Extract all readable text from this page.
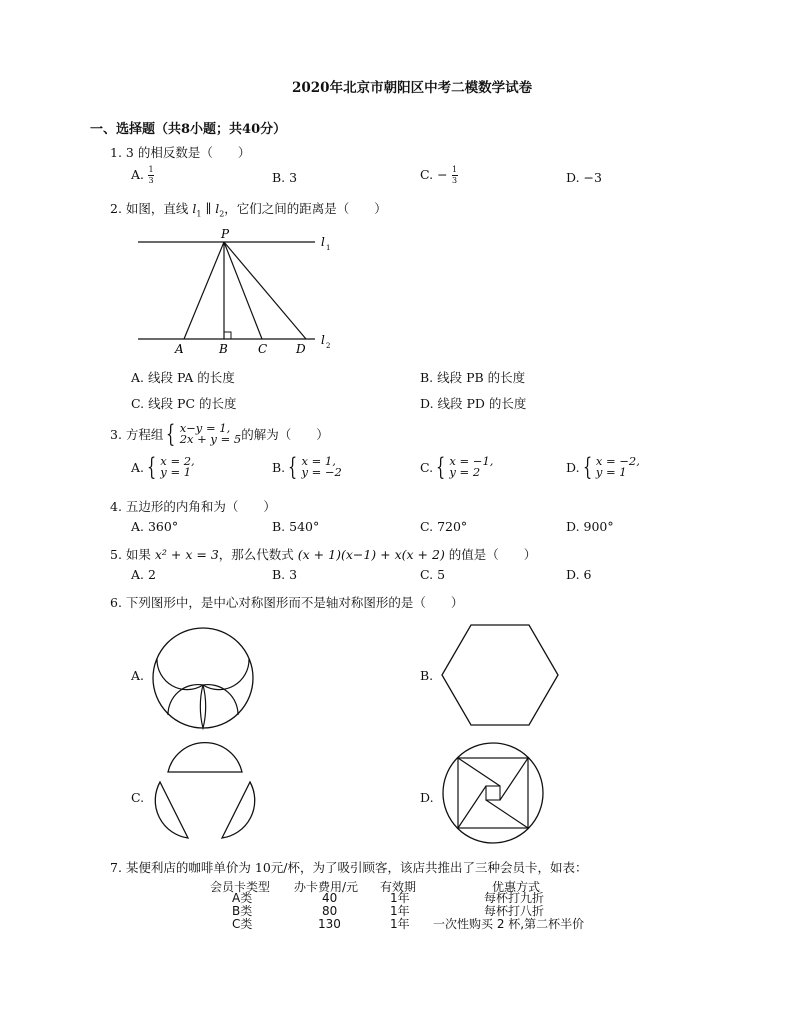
2020年北京市朝阳区中考二模数学试卷
一、选择题（共8小题；共40分）
1. 3 的相反数是（　　）
A. $\frac{1}{3}$	B. 3	C. − $\frac{1}{3}$	D. −3
2. 如图，直线 $l_1$ ∥ $l_2$，它们之间的距离是（　　）
P
A	B	C D
l 1
l 2
A. 线段 PA 的长度	B. 线段 PB 的长度
C. 线段 PC 的长度	D. 线段 PD 的长度
3. 方程组 { x−y = 1,
2x + y = 5 的解为（　　）
A. { x = 2,
y = 1	B. { x = 1,
y = −2	C. { x = −1,
y = 2	D. { x = −2,
y = 1
4. 五边形的内角和为（　　）
A. 360°	B. 540°	C. 720°	D. 900°
5. 如果 x² + x = 3，那么代数式 (x + 1)(x−1) + x(x + 2) 的值是（　　）
A. 2	B. 3	C. 5	D. 6
6. 下列图形中，是中心对称图形而不是轴对称图形的是（　　）
A.	B.
C.	D.
7. 某便利店的咖啡单价为 10元/杯，为了吸引顾客，该店共推出了三种会员卡，如表：
会员卡类型 办卡费用/元 有效期	优惠方式
A类	40	1年	每杯打九折
B类	80	1年	每杯打八折
C类	130	1年 一次性购买 2 杯,第二杯半价
